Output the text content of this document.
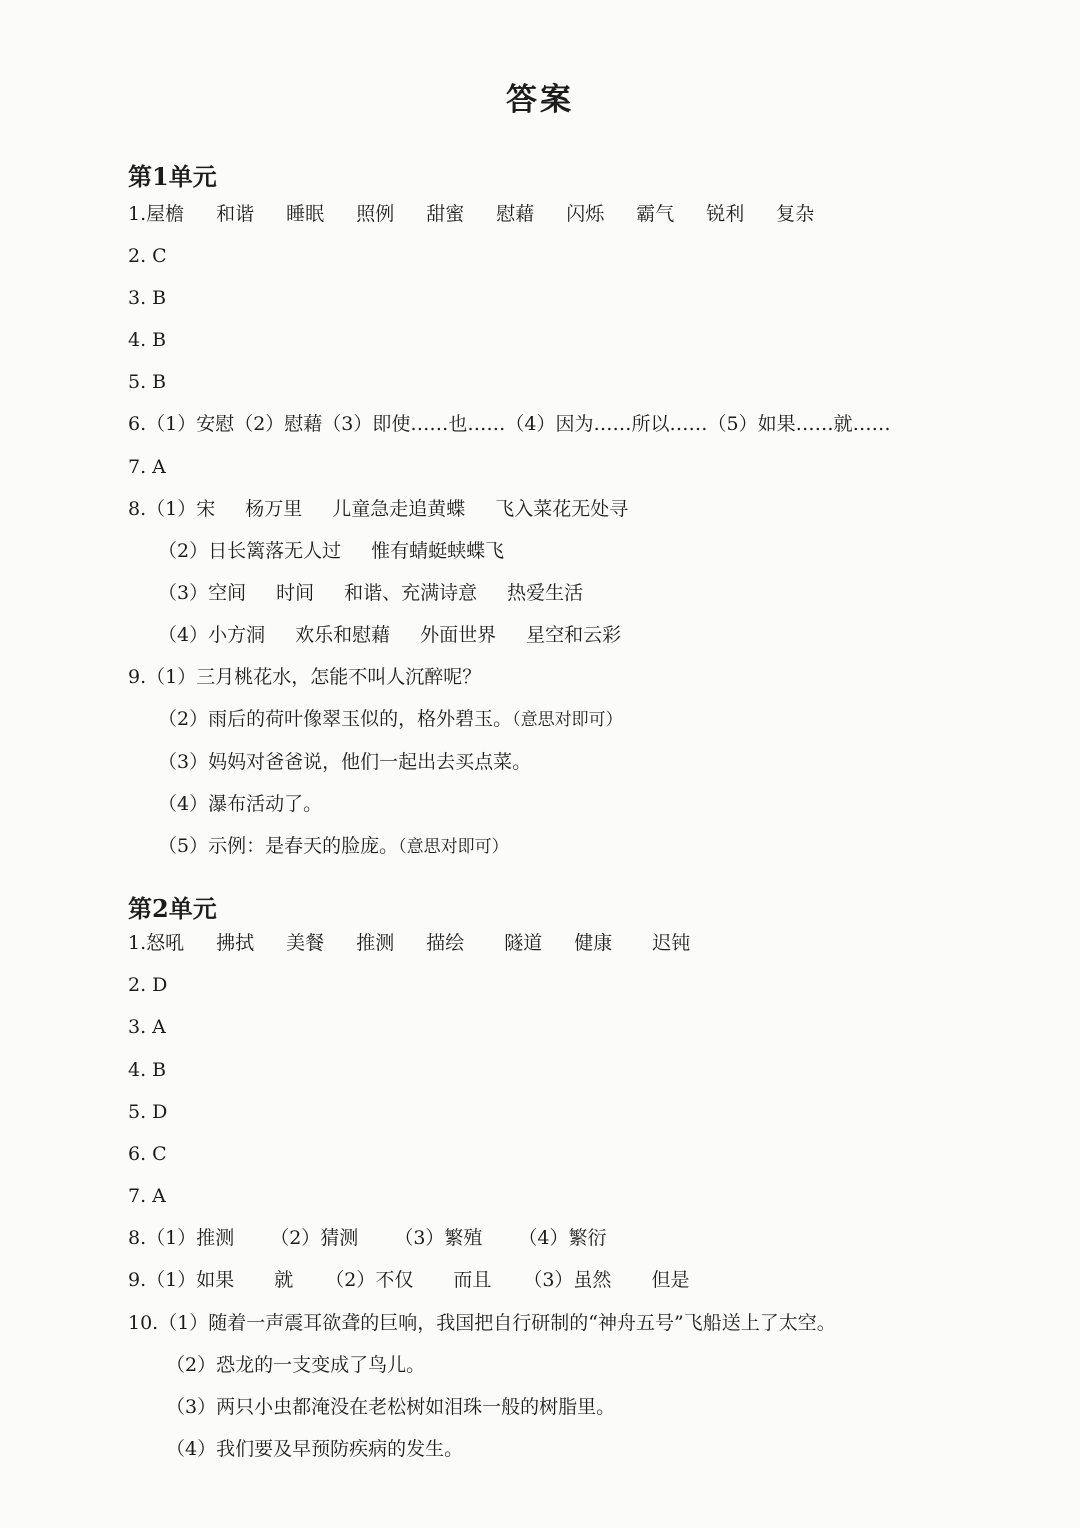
答案
第1单元
1.屋檐 和谐 睡眠 照例 甜蜜 慰藉 闪烁 霸气 锐利 复杂
2. C
3. B
4. B
5. B
6.（1）安慰（2）慰藉（3）即使……也……（4）因为……所以……（5）如果……就……
7. A
8.（1）宋 杨万里 儿童急走追黄蝶 飞入菜花无处寻
（2）日长篱落无人过 惟有蜻蜓蛱蝶飞
（3）空间 时间 和谐、充满诗意 热爱生活
（4）小方洞 欢乐和慰藉 外面世界 星空和云彩
9.（1）三月桃花水，怎能不叫人沉醉呢？
（2）雨后的荷叶像翠玉似的，格外碧玉。（意思对即可）
（3）妈妈对爸爸说，他们一起出去买点菜。
（4）瀑布活动了。
（5）示例：是春天的脸庞。（意思对即可）
第2单元
1.怒吼 拂拭 美餐 推测 描绘 隧道 健康 迟钝
2. D
3. A
4. B
5. D
6. C
7. A
8.（1）推测 （2）猜测 （3）繁殖 （4）繁衍
9.（1）如果 就 （2）不仅 而且 （3）虽然 但是
10.（1）随着一声震耳欲聋的巨响，我国把自行研制的“神舟五号”飞船送上了太空。
（2）恐龙的一支变成了鸟儿。
（3）两只小虫都淹没在老松树如泪珠一般的树脂里。
（4）我们要及早预防疾病的发生。
